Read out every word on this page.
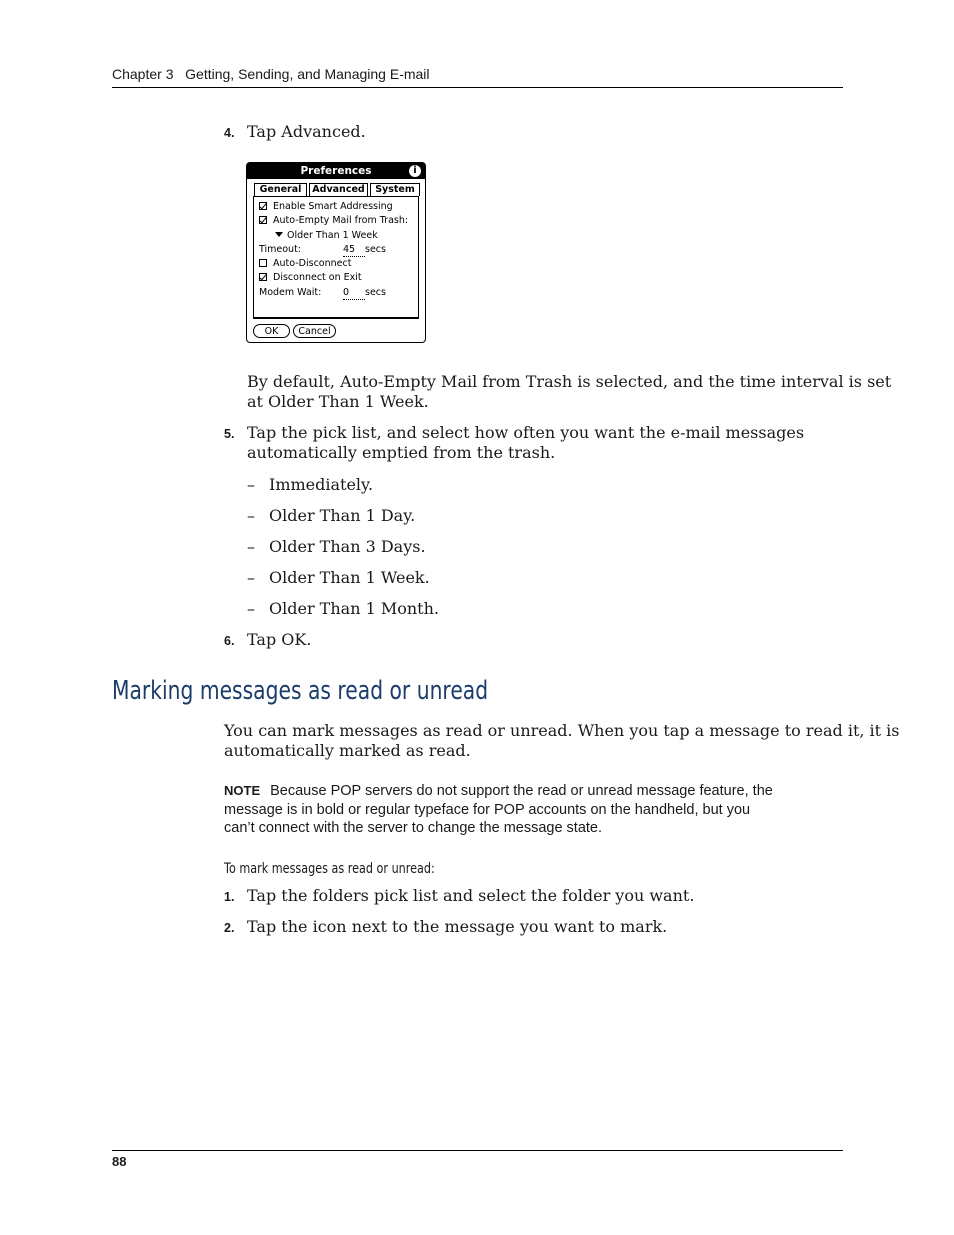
Chapter 3 Getting, Sending, and Managing E-mail
4. Tap Advanced.
Preferences	i
General	Advanced	System
Enable Smart Addressing
Auto-Empty Mail from Trash:
Older Than 1 Week
Timeout:	45 secs
Auto-Disconnect
Disconnect on Exit
Modem Wait: 0 secs
OK	Cancel
By default, Auto-Empty Mail from Trash is selected, and the time interval is set
at Older Than 1 Week.
5. Tap the pick list, and select how often you want the e-mail messages
automatically emptied from the trash.
– Immediately.
– Older Than 1 Day.
– Older Than 3 Days.
– Older Than 1 Week.
– Older Than 1 Month.
6. Tap OK.
Marking messages as read or unread
You can mark messages as read or unread. When you tap a message to read it, it is
automatically marked as read.
NOTE Because POP servers do not support the read or unread message feature, the
message is in bold or regular typeface for POP accounts on the handheld, but you
can’t connect with the server to change the message state.
To mark messages as read or unread:
1. Tap the folders pick list and select the folder you want.
2. Tap the icon next to the message you want to mark.
88
